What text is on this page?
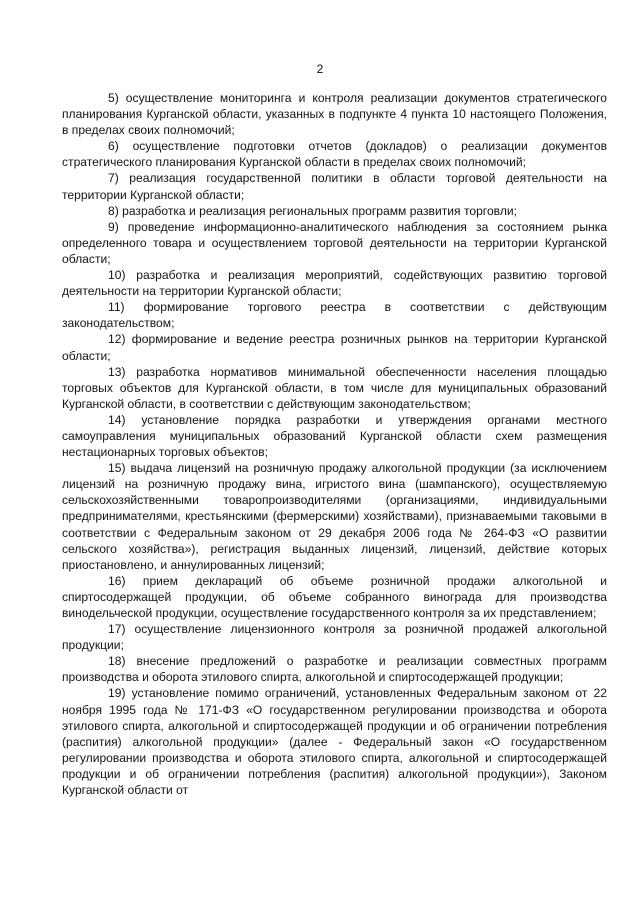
2

5) осуществление мониторинга и контроля реализации документов стратегического планирования Курганской области, указанных в подпункте 4 пункта 10 настоящего Положения, в пределах своих полномочий;

6) осуществление подготовки отчетов (докладов) о реализации документов стратегического планирования Курганской области в пределах своих полномочий;

7) реализация государственной политики в области торговой деятельности на территории Курганской области;

8) разработка и реализация региональных программ развития торговли;

9) проведение информационно-аналитического наблюдения за состоянием рынка определенного товара и осуществлением торговой деятельности на территории Курганской области;

10) разработка и реализация мероприятий, содействующих развитию торговой деятельности на территории Курганской области;

11) формирование торгового реестра в соответствии с действующим законодательством;

12) формирование и ведение реестра розничных рынков на территории Курганской области;

13) разработка нормативов минимальной обеспеченности населения площадью торговых объектов для Курганской области, в том числе для муниципальных образований Курганской области, в соответствии с действующим законодательством;

14) установление порядка разработки и утверждения органами местного самоуправления муниципальных образований Курганской области схем размещения нестационарных торговых объектов;

15) выдача лицензий на розничную продажу алкогольной продукции (за исключением лицензий на розничную продажу вина, игристого вина (шампанского), осуществляемую сельскохозяйственными товаропроизводителями (организациями, индивидуальными предпринимателями, крестьянскими (фермерскими) хозяйствами), признаваемыми таковыми в соответствии с Федеральным законом от 29 декабря 2006 года № 264-ФЗ «О развитии сельского хозяйства»), регистрация выданных лицензий, лицензий, действие которых приостановлено, и аннулированных лицензий;

16) прием деклараций об объеме розничной продажи алкогольной и спиртосодержащей продукции, об объеме собранного винограда для производства винодельческой продукции, осуществление государственного контроля за их представлением;

17) осуществление лицензионного контроля за розничной продажей алкогольной продукции;

18) внесение предложений о разработке и реализации совместных программ производства и оборота этилового спирта, алкогольной и спиртосодержащей продукции;

19) установление помимо ограничений, установленных Федеральным законом от 22 ноября 1995 года № 171-ФЗ «О государственном регулировании производства и оборота этилового спирта, алкогольной и спиртосодержащей продукции и об ограничении потребления (распития) алкогольной продукции» (далее - Федеральный закон «О государственном регулировании производства и оборота этилового спирта, алкогольной и спиртосодержащей продукции и об ограничении потребления (распития) алкогольной продукции»), Законом Курганской области от
